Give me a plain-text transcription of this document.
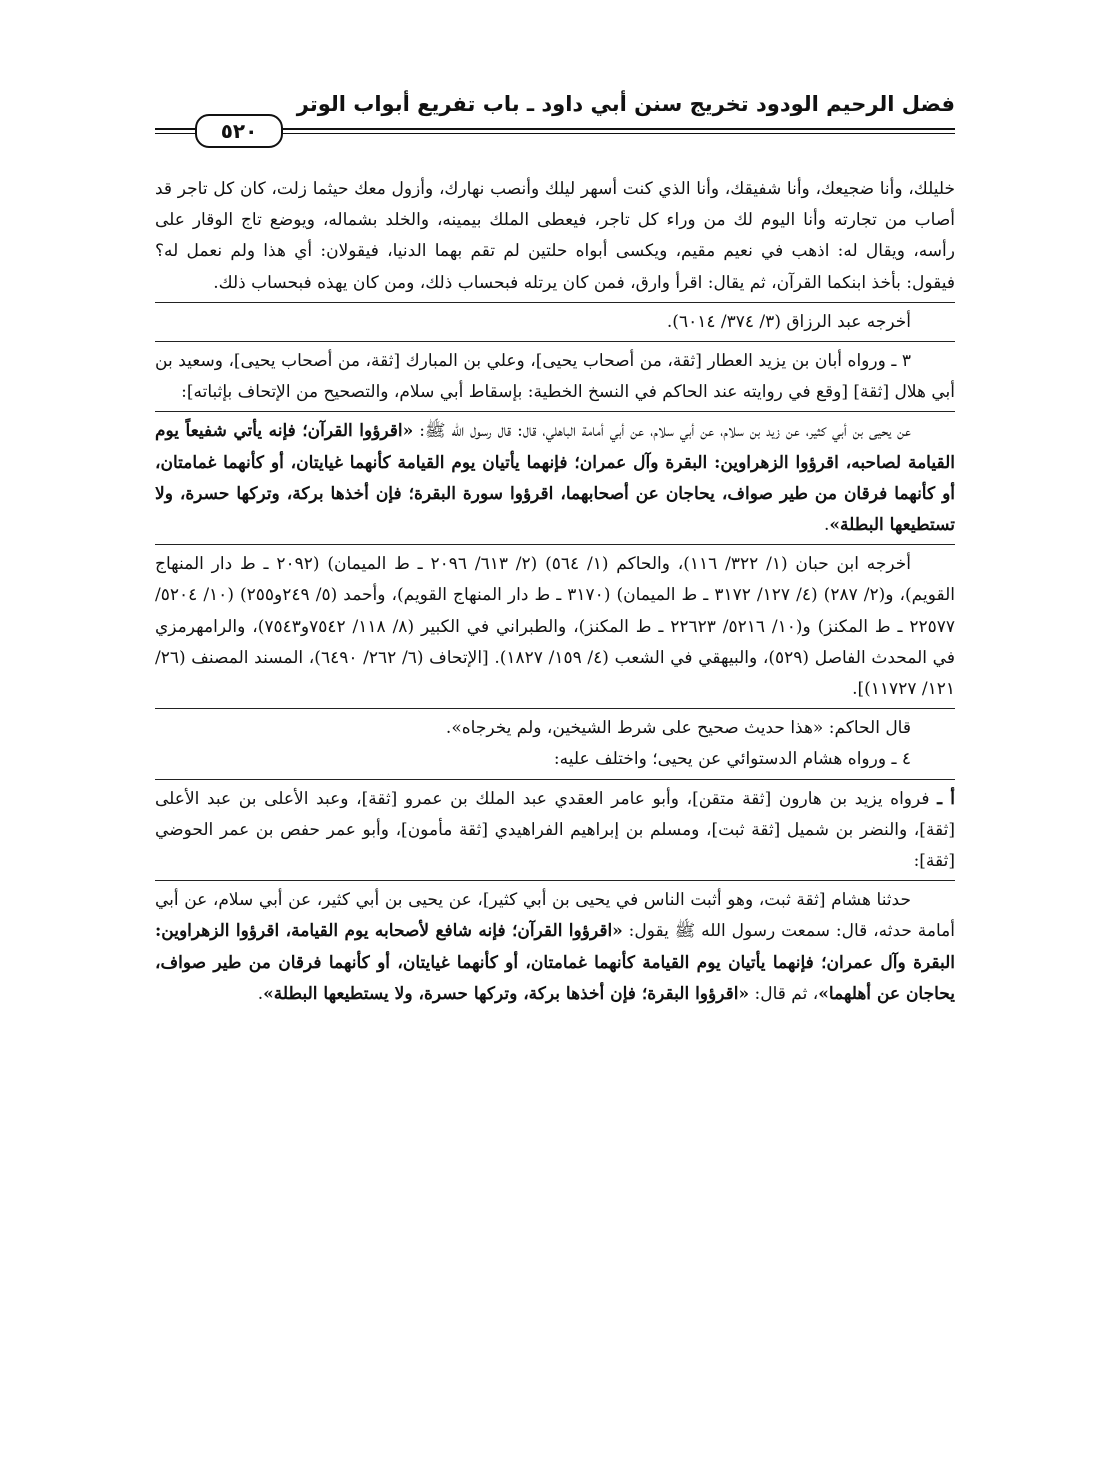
فضل الرحيم الودود تخريج سنن أبي داود ـ باب تفريع أبواب الوتر
٥٢٠

خليلك، وأنا ضجيعك، وأنا شفيقك، وأنا الذي كنت أسهر ليلك وأنصب نهارك، وأزول معك حيثما زلت، كان كل تاجر قد أصاب من تجارته وأنا اليوم لك من وراء كل تاجر، فيعطى الملك بيمينه، والخلد بشماله، ويوضع تاج الوقار على رأسه، ويقال له: اذهب في نعيم مقيم، ويكسى أبواه حلتين لم تقم بهما الدنيا، فيقولان: أي هذا ولم نعمل له؟ فيقول: بأخذ ابنكما القرآن، ثم يقال: اقرأ وارق، فمن كان يرتله فبحساب ذلك، ومن كان يهذه فبحساب ذلك.

أخرجه عبد الرزاق (٣/ ٣٧٤/ ٦٠١٤).

٣ ـ ورواه أبان بن يزيد العطار [ثقة، من أصحاب يحيى]، وعلي بن المبارك [ثقة، من أصحاب يحيى]، وسعيد بن أبي هلال [ثقة] [وقع في روايته عند الحاكم في النسخ الخطية: بإسقاط أبي سلام، والتصحيح من الإتحاف بإثباته]:

عن يحيى بن أبي كثير، عن زيد بن سلام، عن أبي سلام، عن أبي أمامة الباهلي، قال: قال رسول الله ﷺ: «اقرؤوا القرآن؛ فإنه يأتي شفيعاً يوم القيامة لصاحبه، اقرؤوا الزهراوين: البقرة وآل عمران؛ فإنهما يأتيان يوم القيامة كأنهما غيايتان، أو كأنهما غمامتان، أو كأنهما فرقان من طير صواف، يحاجان عن أصحابهما، اقرؤوا سورة البقرة؛ فإن أخذها بركة، وتركها حسرة، ولا تستطيعها البطلة».

أخرجه ابن حبان (١/ ٣٢٢/ ١١٦)، والحاكم (١/ ٥٦٤) (٢/ ٦١٣/ ٢٠٩٦ ـ ط الميمان) (٢٠٩٢ ـ ط دار المنهاج القويم)، و(٢/ ٢٨٧) (٤/ ١٢٧/ ٣١٧٢ ـ ط الميمان) (٣١٧٠ ـ ط دار المنهاج القويم)، وأحمد (٥/ ٢٤٩و٢٥٥) (١٠/ ٥٢٠٤/ ٢٢٥٧٧ ـ ط المكنز) و(١٠/ ٥٢١٦/ ٢٢٦٢٣ ـ ط المكنز)، والطبراني في الكبير (٨/ ١١٨/ ٧٥٤٢و٧٥٤٣)، والرامهرمزي في المحدث الفاصل (٥٢٩)، والبيهقي في الشعب (٤/ ١٥٩/ ١٨٢٧). [الإتحاف (٦/ ٢٦٢/ ٦٤٩٠)، المسند المصنف (٢٦/ ١٢١/ ١١٧٢٧)].

قال الحاكم: «هذا حديث صحيح على شرط الشيخين، ولم يخرجاه».

٤ ـ ورواه هشام الدستوائي عن يحيى؛ واختلف عليه:

أ ـ فرواه يزيد بن هارون [ثقة متقن]، وأبو عامر العقدي عبد الملك بن عمرو [ثقة]، وعبد الأعلى بن عبد الأعلى [ثقة]، والنضر بن شميل [ثقة ثبت]، ومسلم بن إبراهيم الفراهيدي [ثقة مأمون]، وأبو عمر حفص بن عمر الحوضي [ثقة]:

حدثنا هشام [ثقة ثبت، وهو أثبت الناس في يحيى بن أبي كثير]، عن يحيى بن أبي كثير، عن أبي سلام، عن أبي أمامة حدثه، قال: سمعت رسول الله ﷺ يقول: «اقرؤوا القرآن؛ فإنه شافع لأصحابه يوم القيامة، اقرؤوا الزهراوين: البقرة وآل عمران؛ فإنهما يأتيان يوم القيامة كأنهما غمامتان، أو كأنهما غيايتان، أو كأنهما فرقان من طير صواف، يحاجان عن أهلهما»، ثم قال: «اقرؤوا البقرة؛ فإن أخذها بركة، وتركها حسرة، ولا يستطيعها البطلة».
